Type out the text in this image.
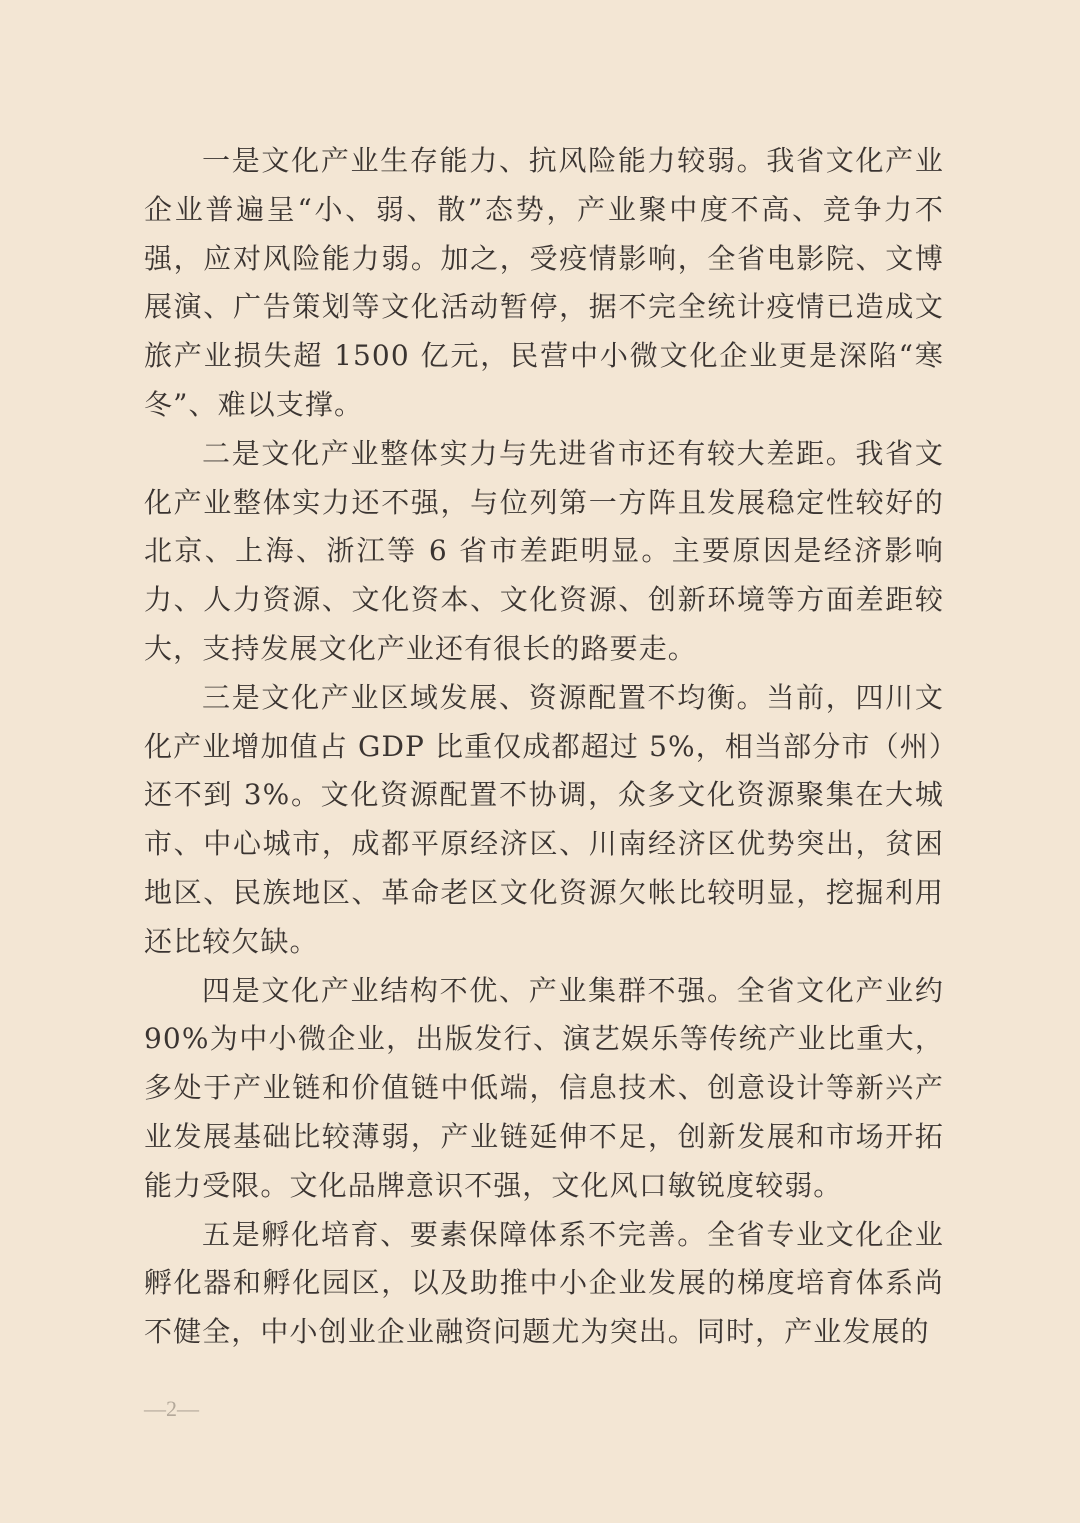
一是文化产业生存能力、抗风险能力较弱。我省文化产业企业普遍呈“小、弱、散”态势，产业聚中度不高、竞争力不强，应对风险能力弱。加之，受疫情影响，全省电影院、文博展演、广告策划等文化活动暂停，据不完全统计疫情已造成文旅产业损失超 1500 亿元，民营中小微文化企业更是深陷“寒冬”、难以支撑。

二是文化产业整体实力与先进省市还有较大差距。我省文化产业整体实力还不强，与位列第一方阵且发展稳定性较好的北京、上海、浙江等 6 省市差距明显。主要原因是经济影响力、人力资源、文化资本、文化资源、创新环境等方面差距较大，支持发展文化产业还有很长的路要走。

三是文化产业区域发展、资源配置不均衡。当前，四川文化产业增加值占 GDP 比重仅成都超过 5%，相当部分市（州）还不到 3%。文化资源配置不协调，众多文化资源聚集在大城市、中心城市，成都平原经济区、川南经济区优势突出，贫困地区、民族地区、革命老区文化资源欠帐比较明显，挖掘利用还比较欠缺。

四是文化产业结构不优、产业集群不强。全省文化产业约 90%为中小微企业，出版发行、演艺娱乐等传统产业比重大，多处于产业链和价值链中低端，信息技术、创意设计等新兴产业发展基础比较薄弱，产业链延伸不足，创新发展和市场开拓能力受限。文化品牌意识不强，文化风口敏锐度较弱。

五是孵化培育、要素保障体系不完善。全省专业文化企业孵化器和孵化园区，以及助推中小企业发展的梯度培育体系尚不健全，中小创业企业融资问题尤为突出。同时，产业发展的

—2—
